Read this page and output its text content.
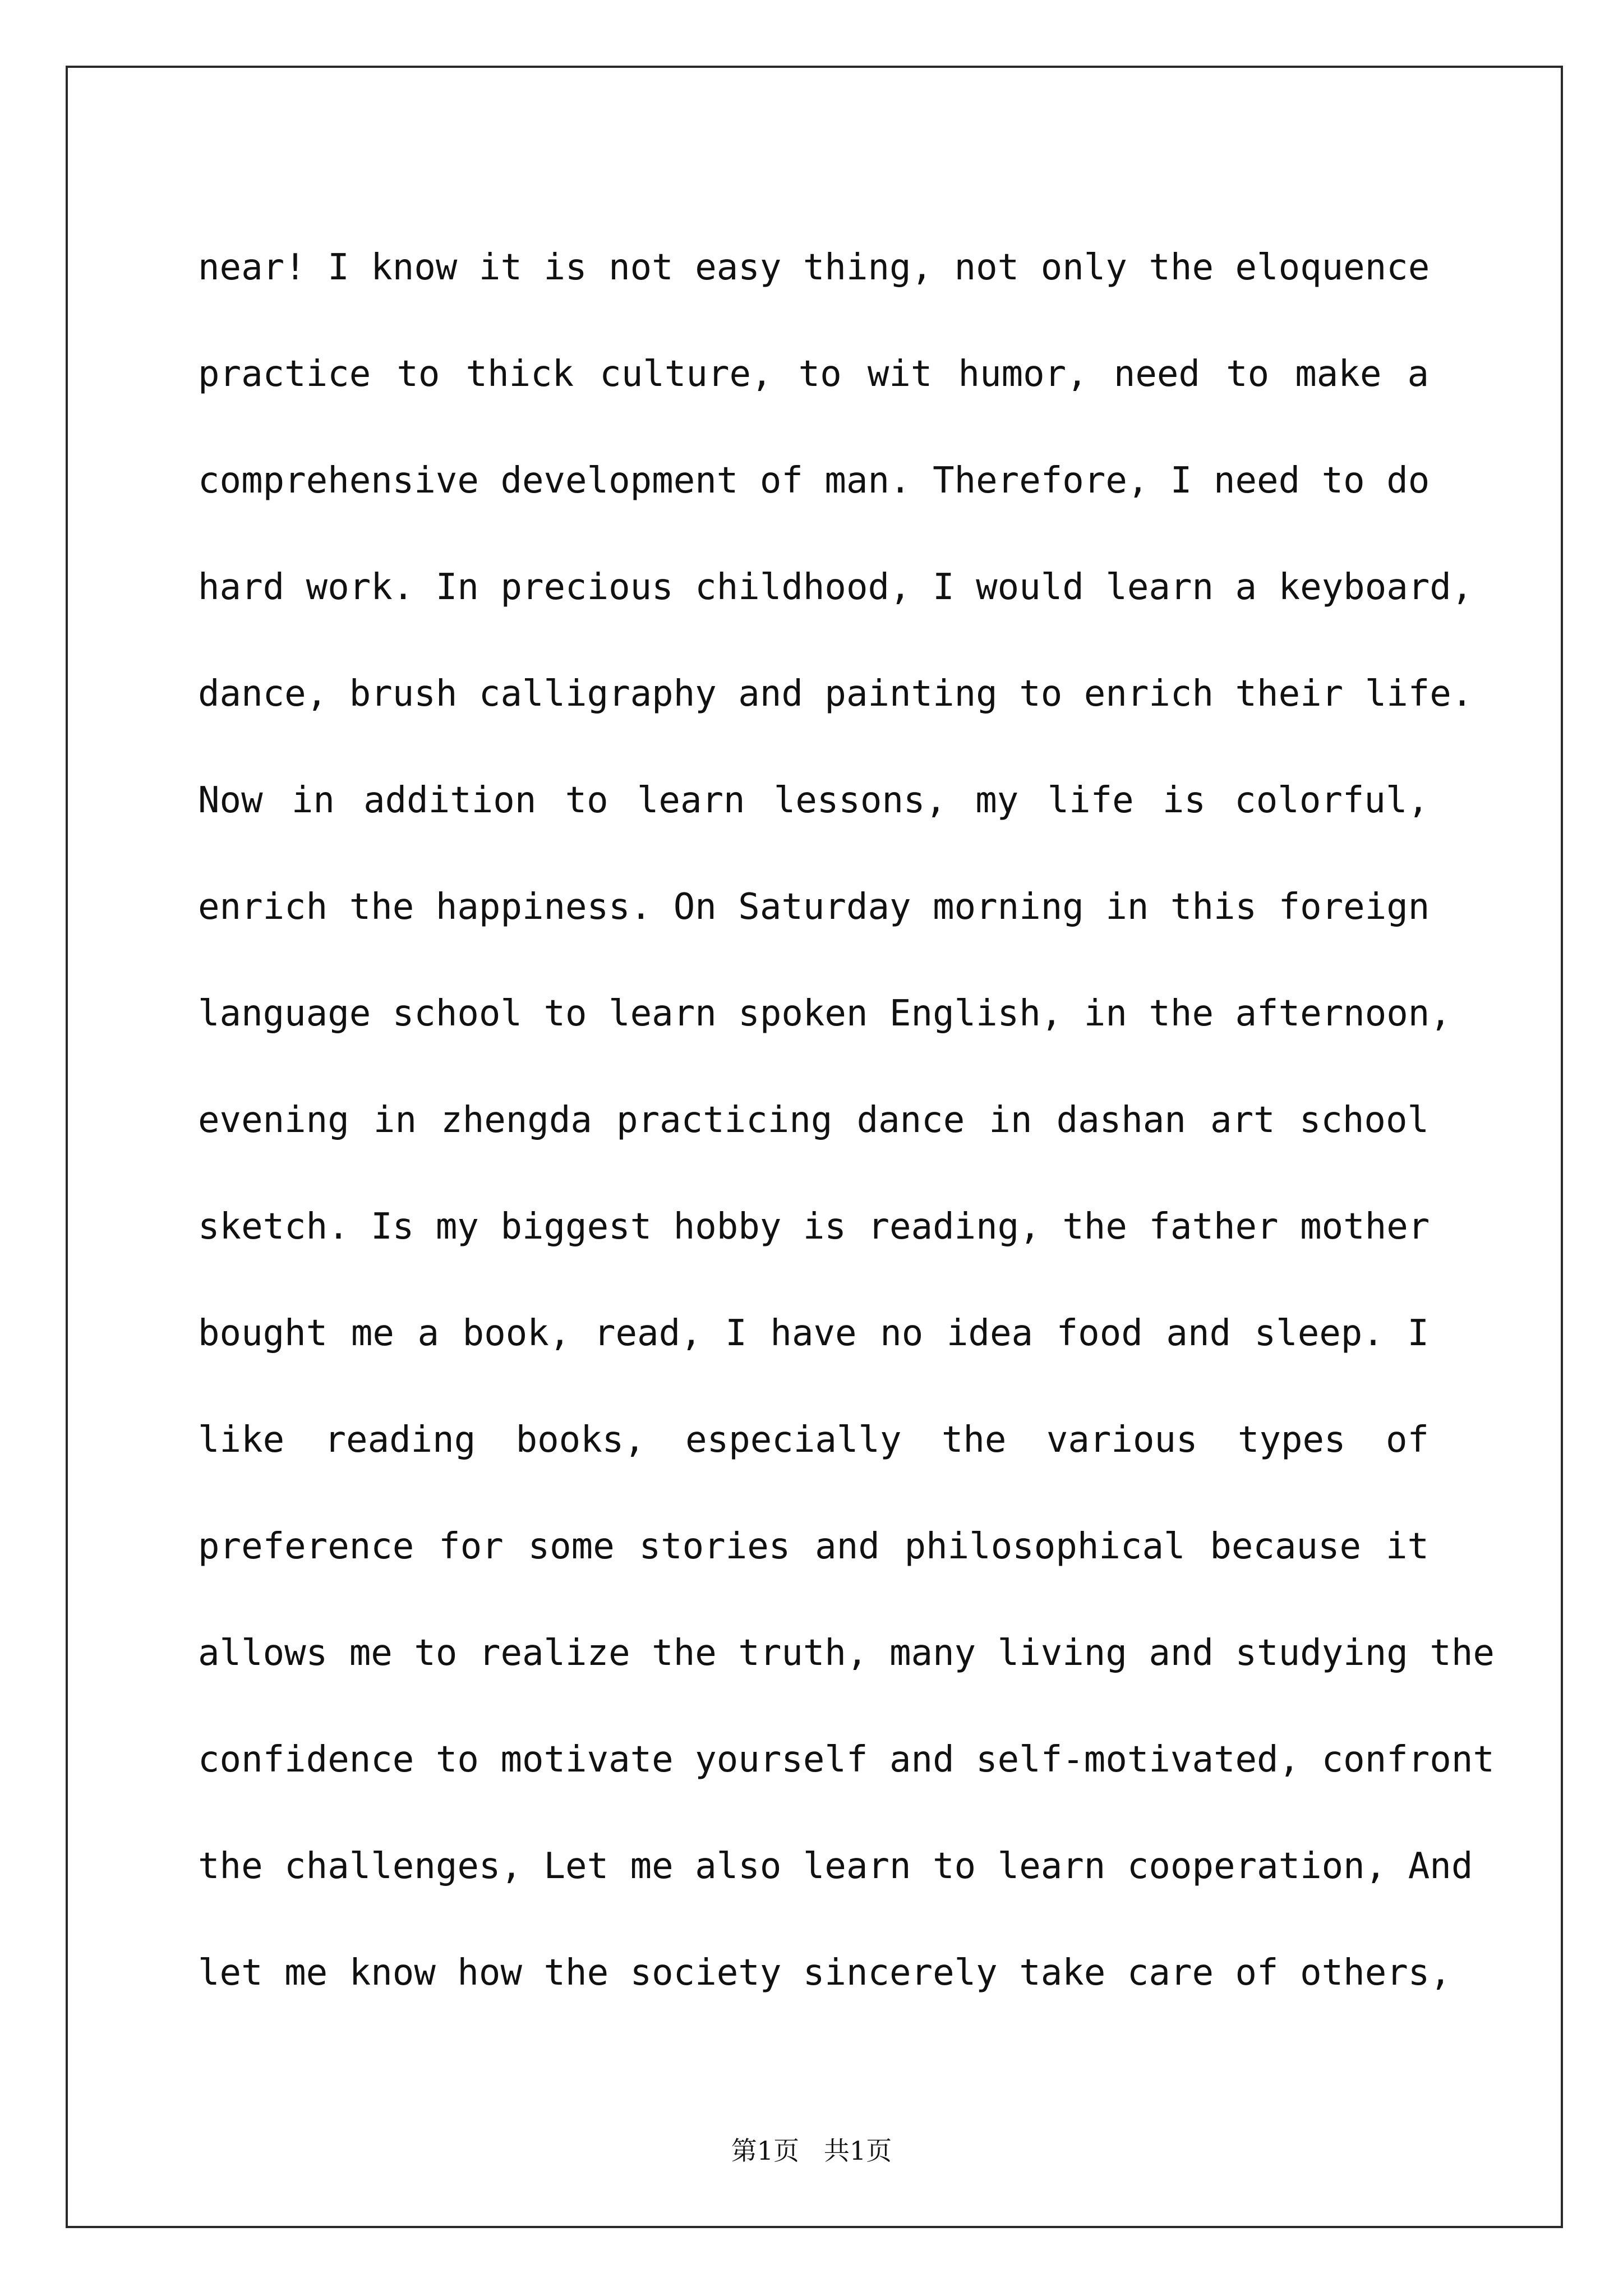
near! I know it is not easy thing, not only the eloquence
practice to thick culture, to wit humor, need to make a
comprehensive development of man. Therefore, I need to do
hard work. In precious childhood, I would learn a keyboard,
dance, brush calligraphy and painting to enrich their life.
Now in addition to learn lessons, my life is colorful,
enrich the happiness. On Saturday morning in this foreign
language school to learn spoken English, in the afternoon,
evening in zhengda practicing dance in dashan art school
sketch. Is my biggest hobby is reading, the father mother
bought me a book, read, I have no idea food and sleep. I
like reading books, especially the various types of
preference for some stories and philosophical because it
allows me to realize the truth, many living and studying the
confidence to motivate yourself and self-motivated, confront
the challenges, Let me also learn to learn cooperation, And
let me know how the society sincerely take care of others,
第1页   共1页
